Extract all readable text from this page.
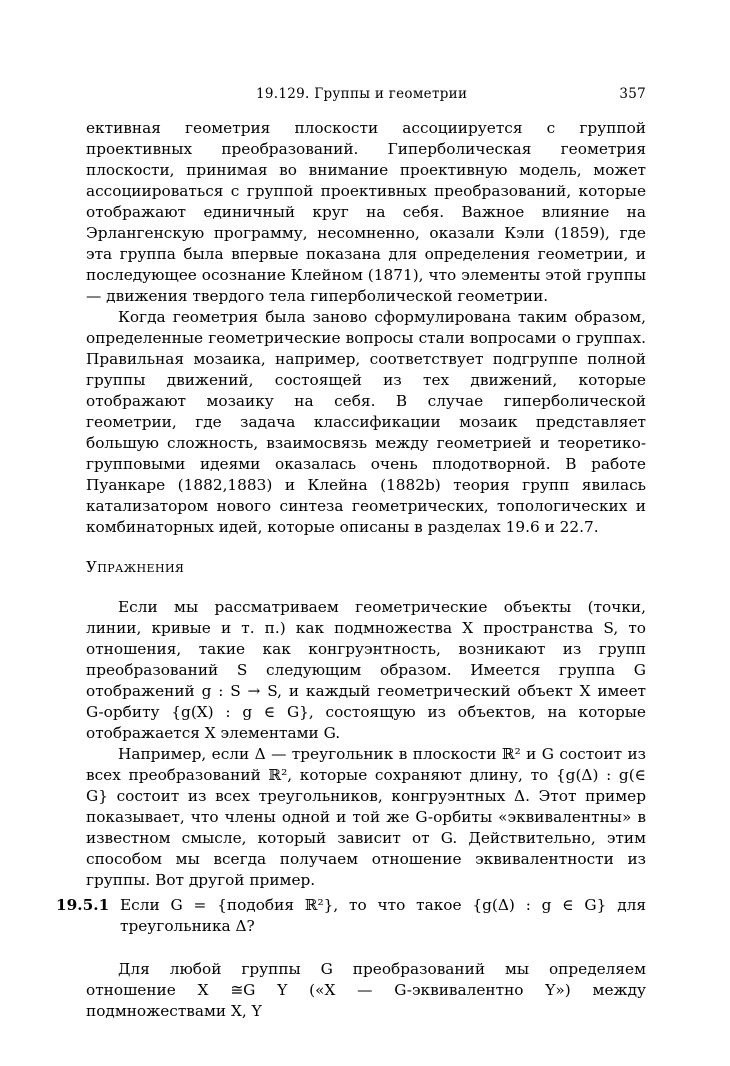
19.129. Группы и геометрии	357

ективная геометрия плоскости ассоциируется с группой проективных преобразований. Гиперболическая геометрия плоскости, принимая во внимание проективную модель, может ассоциироваться с группой проективных преобразований, которые отображают единичный круг на себя. Важное влияние на Эрлангенскую программу, несомненно, оказали Кэли (1859), где эта группа была впервые показана для определения геометрии, и последующее осознание Клейном (1871), что элементы этой группы — движения твердого тела гиперболической геометрии.

Когда геометрия была заново сформулирована таким образом, определенные геометрические вопросы стали вопросами о группах. Правильная мозаика, например, соответствует подгруппе полной группы движений, состоящей из тех движений, которые отображают мозаику на себя. В случае гиперболической геометрии, где задача классификации мозаик представляет большую сложность, взаимосвязь между геометрией и теоретико-групповыми идеями оказалась очень плодотворной. В работе Пуанкаре (1882,1883) и Клейна (1882b) теория групп явилась катализатором нового синтеза геометрических, топологических и комбинаторных идей, которые описаны в разделах 19.6 и 22.7.

Упражнения

Если мы рассматриваем геометрические объекты (точки, линии, кривые и т. п.) как подмножества X пространства S, то отношения, такие как конгруэнтность, возникают из групп преобразований S следующим образом. Имеется группа G отображений g : S → S, и каждый геометрический объект X имеет G-орбиту {g(X) : g ∈ G}, состоящую из объектов, на которые отображается X элементами G.

Например, если Δ — треугольник в плоскости ℝ² и G состоит из всех преобразований ℝ², которые сохраняют длину, то {g(Δ) : g(∈ G} состоит из всех треугольников, конгруэнтных Δ. Этот пример показывает, что члены одной и той же G-орбиты «эквивалентны» в известном смысле, который зависит от G. Действительно, этим способом мы всегда получаем отношение эквивалентности из группы. Вот другой пример.

19.5.1 Если G = {подобия ℝ²}, то что такое {g(Δ) : g ∈ G} для треугольника Δ?

Для любой группы G преобразований мы определяем отношение X ≅G Y («X — G-эквивалентно Y») между подмножествами X, Y
